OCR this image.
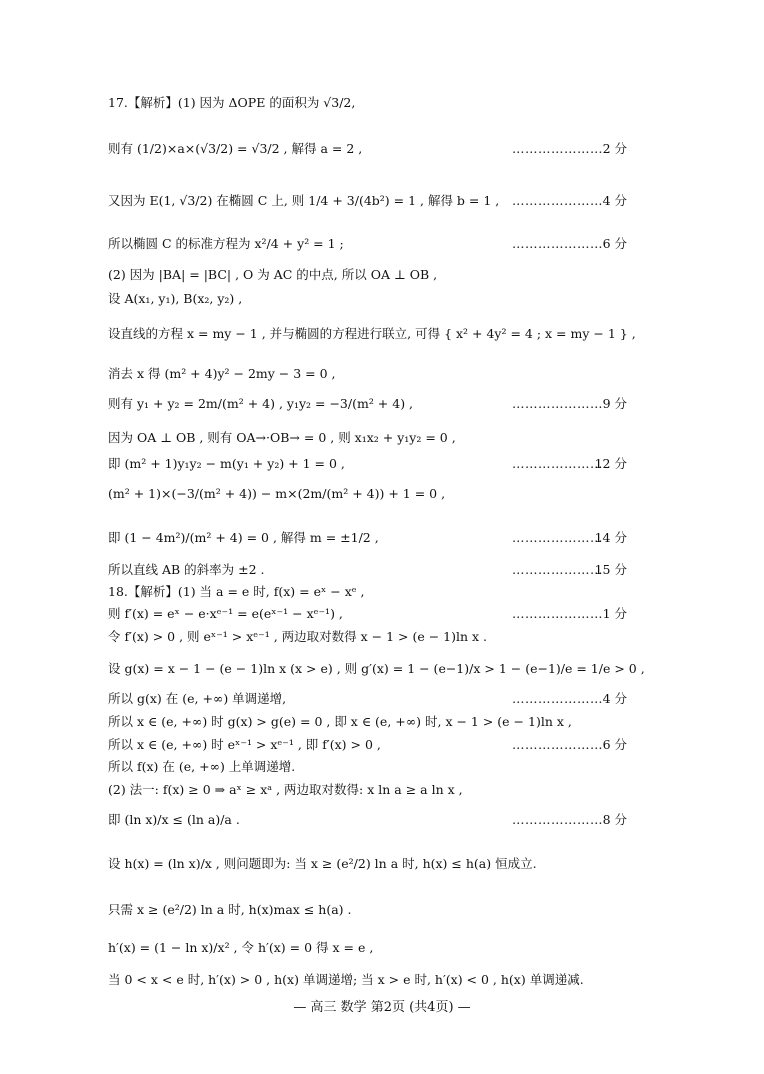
17.【解析】(1) 因为 ΔOPE 的面积为 √3/2,
则有 (1/2)×a×(√3/2) = √3/2 , 解得 a = 2 ,
又因为 E(1, √3/2) 在椭圆 C 上, 则 1/4 + 3/(4b²) = 1 , 解得 b = 1 ,
所以椭圆 C 的标准方程为 x²/4 + y² = 1 ;
(2) 因为 |BA| = |BC| , O 为 AC 的中点, 所以 OA ⊥ OB ,
设 A(x₁, y₁), B(x₂, y₂) ,
设直线的方程 x = my − 1 , 并与椭圆的方程进行联立, 可得 { x² + 4y² = 4 ; x = my − 1 } ,
消去 x 得 (m² + 4)y² − 2my − 3 = 0 ,
则有 y₁ + y₂ = 2m/(m² + 4) , y₁y₂ = −3/(m² + 4) ,
因为 OA ⊥ OB , 则有 OA→·OB→ = 0 , 则 x₁x₂ + y₁y₂ = 0 ,
即 (m² + 1)y₁y₂ − m(y₁ + y₂) + 1 = 0 ,
(m² + 1)×(−3/(m² + 4)) − m×(2m/(m² + 4)) + 1 = 0 ,
即 (1 − 4m²)/(m² + 4) = 0 , 解得 m = ±1/2 ,
所以直线 AB 的斜率为 ±2 .
18.【解析】(1) 当 a = e 时, f(x) = eˣ − xᵉ ,
则 f′(x) = eˣ − e·xᵉ⁻¹ = e(eˣ⁻¹ − xᵉ⁻¹) ,
令 f′(x) > 0 , 则 eˣ⁻¹ > xᵉ⁻¹ , 两边取对数得 x − 1 > (e − 1)ln x .
设 g(x) = x − 1 − (e − 1)ln x (x > e) , 则 g′(x) = 1 − (e−1)/x > 1 − (e−1)/e = 1/e > 0 ,
所以 g(x) 在 (e, +∞) 单调递增,
所以 x ∈ (e, +∞) 时 g(x) > g(e) = 0 , 即 x ∈ (e, +∞) 时, x − 1 > (e − 1)ln x ,
所以 x ∈ (e, +∞) 时 eˣ⁻¹ > xᵉ⁻¹ , 即 f′(x) > 0 ,
所以 f(x) 在 (e, +∞) 上单调递增.
(2) 法一: f(x) ≥ 0 ⇒ aˣ ≥ xᵃ , 两边取对数得: x ln a ≥ a ln x ,
即 (ln x)/x ≤ (ln a)/a .
设 h(x) = (ln x)/x , 则问题即为: 当 x ≥ (e²/2) ln a 时, h(x) ≤ h(a) 恒成立.
只需 x ≥ (e²/2) ln a 时, h(x)max ≤ h(a) .
h′(x) = (1 − ln x)/x² , 令 h′(x) = 0 得 x = e ,
当 0 < x < e 时, h′(x) > 0 , h(x) 单调递增; 当 x > e 时, h′(x) < 0 , h(x) 单调递减.
………………… 2 分
………………… 4 分
………………… 6 分
………………… 9 分
…………………
12 分
…………………
14 分
…………………
15 分
………………… 1 分
………………… 4 分
………………… 6 分
………………… 8 分
— 高三 数学 第2页 (共4页) —
